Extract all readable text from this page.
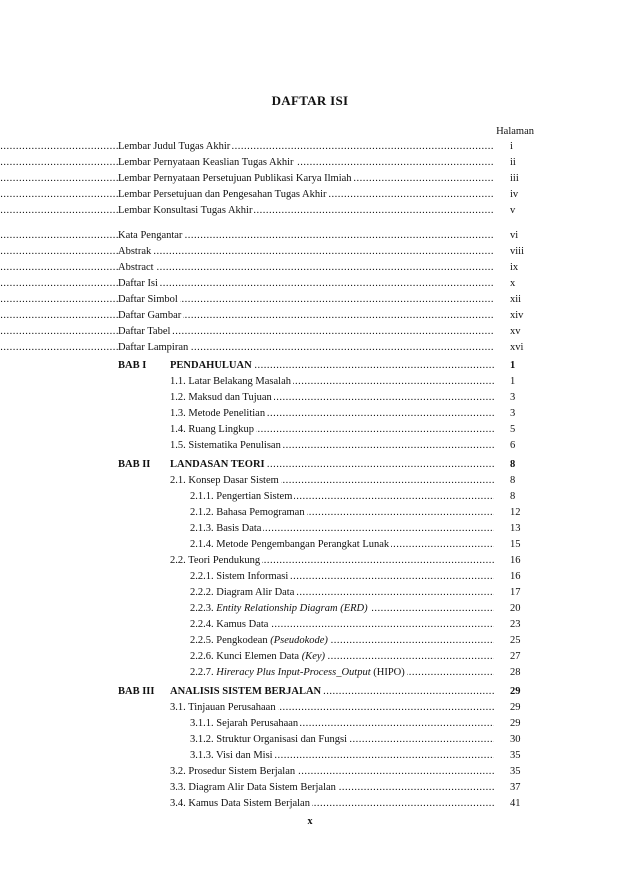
DAFTAR ISI
Halaman
.....
Lembar Judul Tugas Akhir	i
.....
Lembar Pernyataan Keaslian Tugas Akhir	ii
.....
Lembar Pernyataan Persetujuan Publikasi Karya Ilmiah	iii
.....
Lembar Persetujuan dan Pengesahan Tugas Akhir	iv
.....
Lembar Konsultasi Tugas Akhir	v
.....
Kata Pengantar	vi
.....
Abstrak	viii
.....
Abstract	ix
.....
Daftar Isi	x
.....
Daftar Simbol	xii
.....
Daftar Gambar	xiv
.....
Daftar Tabel	xv
.....
Daftar Lampiran	xvi
BAB I ..... PENDAHULUAN	1
.....
1.1. Latar Belakang Masalah	1
.....
1.2. Maksud dan Tujuan	3
.....
1.3. Metode Penelitian	3
.....
1.4. Ruang Lingkup	5
.....
1.5. Sistematika Penulisan	6
BAB II ..... LANDASAN TEORI	8
.....
2.1. Konsep Dasar Sistem	8
.....
2.1.1. Pengertian Sistem	8
.....
2.1.2. Bahasa Pemograman	12
.....
2.1.3. Basis Data	13
.....
2.1.4. Metode Pengembangan Perangkat Lunak	15
.....
2.2. Teori Pendukung	16
.....
2.2.1. Sistem Informasi	16
.....
2.2.2. Diagram Alir Data	17
.....
2.2.3. Entity Relationship Diagram (ERD)	20
.....
2.2.4. Kamus Data	23
.....
2.2.5. Pengkodean (Pseudokode)	25
.....
2.2.6. Kunci Elemen Data (Key)	27
.....
2.2.7. Hireracy Plus Input-Process_Output (HIPO)	28
BAB III ..... ANALISIS SISTEM BERJALAN	29
.....
3.1. Tinjauan Perusahaan	29
.....
3.1.1. Sejarah Perusahaan	29
.....
3.1.2. Struktur Organisasi dan Fungsi	30
.....
3.1.3. Visi dan Misi	35
.....
3.2. Prosedur Sistem Berjalan	35
.....
3.3. Diagram Alir Data Sistem Berjalan	37
.....
3.4. Kamus Data Sistem Berjalan	41
x
